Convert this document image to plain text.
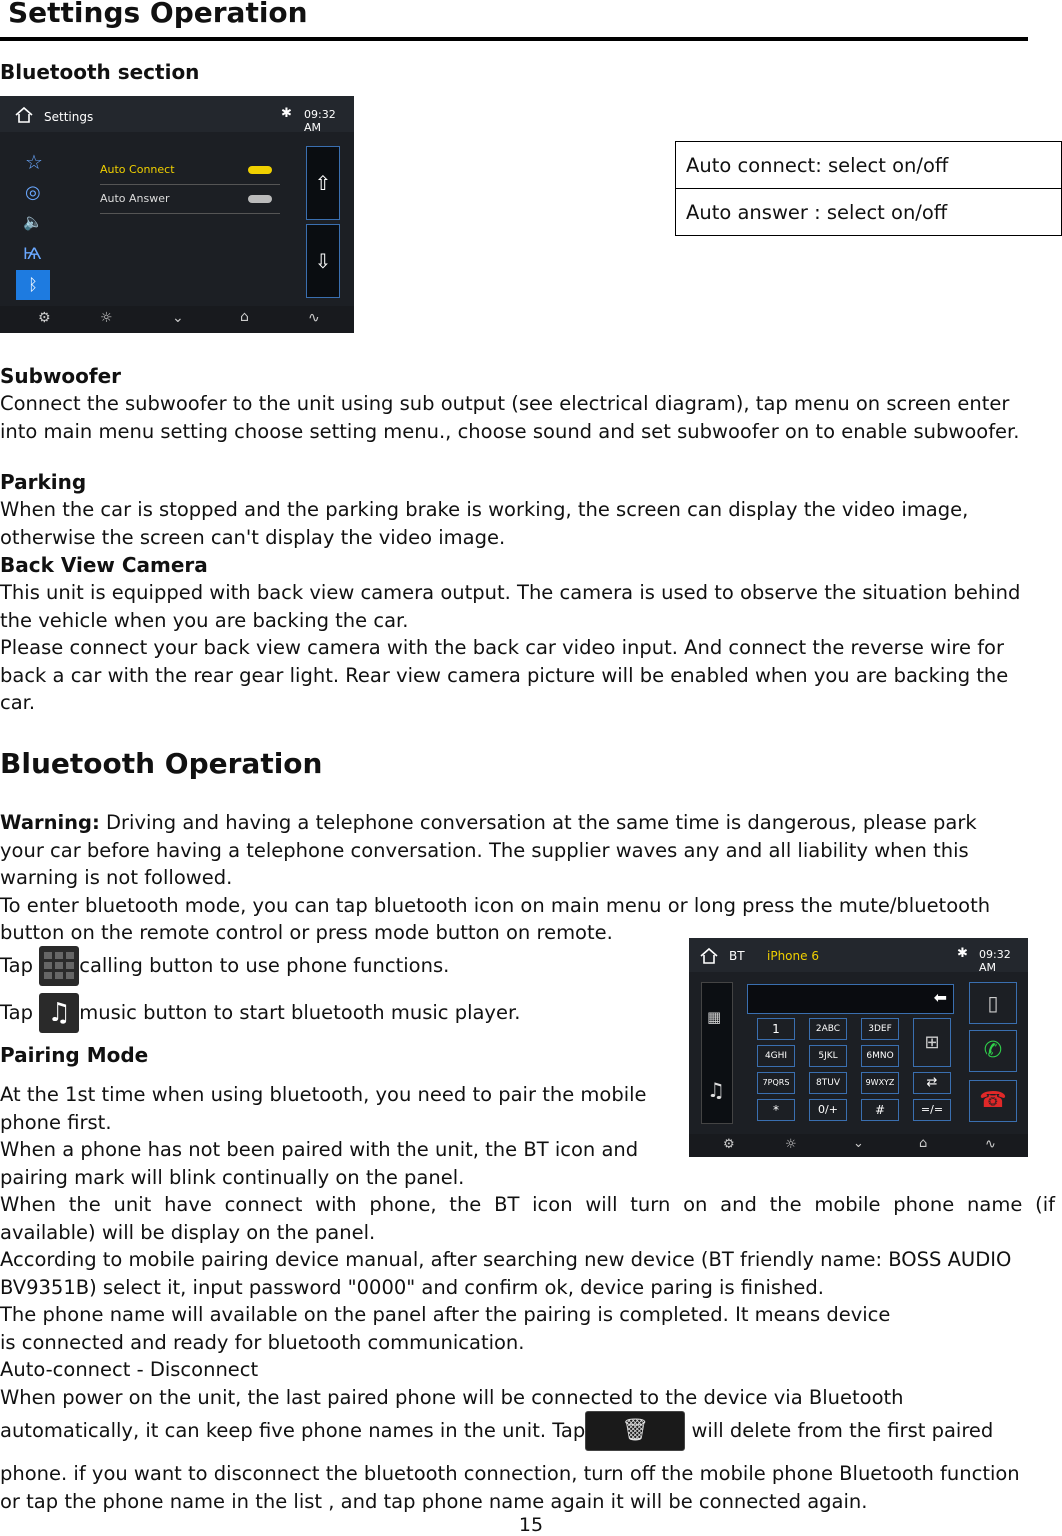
Settings Operation
Bluetooth section
Settings	✱ 09:32 AM
☆
◎
🔈
Ѩ
ᛒ
Auto Connect
Auto Answer
⇧
⇩
⚙	☼	⌄	⌂	∿
Auto connect: select on/off
Auto answer : select on/off
Subwoofer
Connect the subwoofer to the unit using sub output (see electrical diagram), tap menu on screen enter
into main menu setting choose setting menu., choose sound and set subwoofer on to enable subwoofer.
Parking
When the car is stopped and the parking brake is working, the screen can display the video image,
otherwise the screen can't display the video image.
Back View Camera
This unit is equipped with back view camera output. The camera is used to observe the situation behind
the vehicle when you are backing the car.
Please connect your back view camera with the back car video input. And connect the reverse wire for
back a car with the rear gear light. Rear view camera picture will be enabled when you are backing the
car.
Bluetooth Operation
Warning: Driving and having a telephone conversation at the same time is dangerous, please park
your car before having a telephone conversation. The supplier waves any and all liability when this
warning is not followed.
To enter bluetooth mode, you can tap bluetooth icon on main menu or long press the mute/bluetooth
button on the remote control or press mode button on remote.
Tap calling button to use phone functions.
Tap ♫ music button to start bluetooth music player.
Pairing Mode
At the 1st time when using bluetooth, you need to pair the mobile
phone first.
When a phone has not been paired with the unit, the BT icon and
pairing mark will blink continually on the panel.
BT iPhone 6	✱ 09:32 AM
▦
♫
⬅
1	2ABC	3DEF
4GHI	5JKL	6MNO
7PQRS	8TUV	9WXYZ
*	0/+	#
⊞
⇄
=/=
▯
✆
☎
⚙	☼	⌄	⌂	∿
When the unit have connect with phone, the BT icon will turn on and the mobile phone name (if
available) will be display on the panel.
According to mobile pairing device manual, after searching new device (BT friendly name: BOSS AUDIO
BV9351B) select it, input password "0000" and confirm ok, device paring is finished.
The phone name will available on the panel after the pairing is completed. It means device
is connected and ready for bluetooth communication.
Auto-connect - Disconnect
When power on the unit, the last paired phone will be connected to the device via Bluetooth
automatically, it can keep five phone names in the unit. Tap 🗑 will delete from the first paired
phone. if you want to disconnect the bluetooth connection, turn off the mobile phone Bluetooth function
or tap the phone name in the list , and tap phone name again it will be connected again.
15
